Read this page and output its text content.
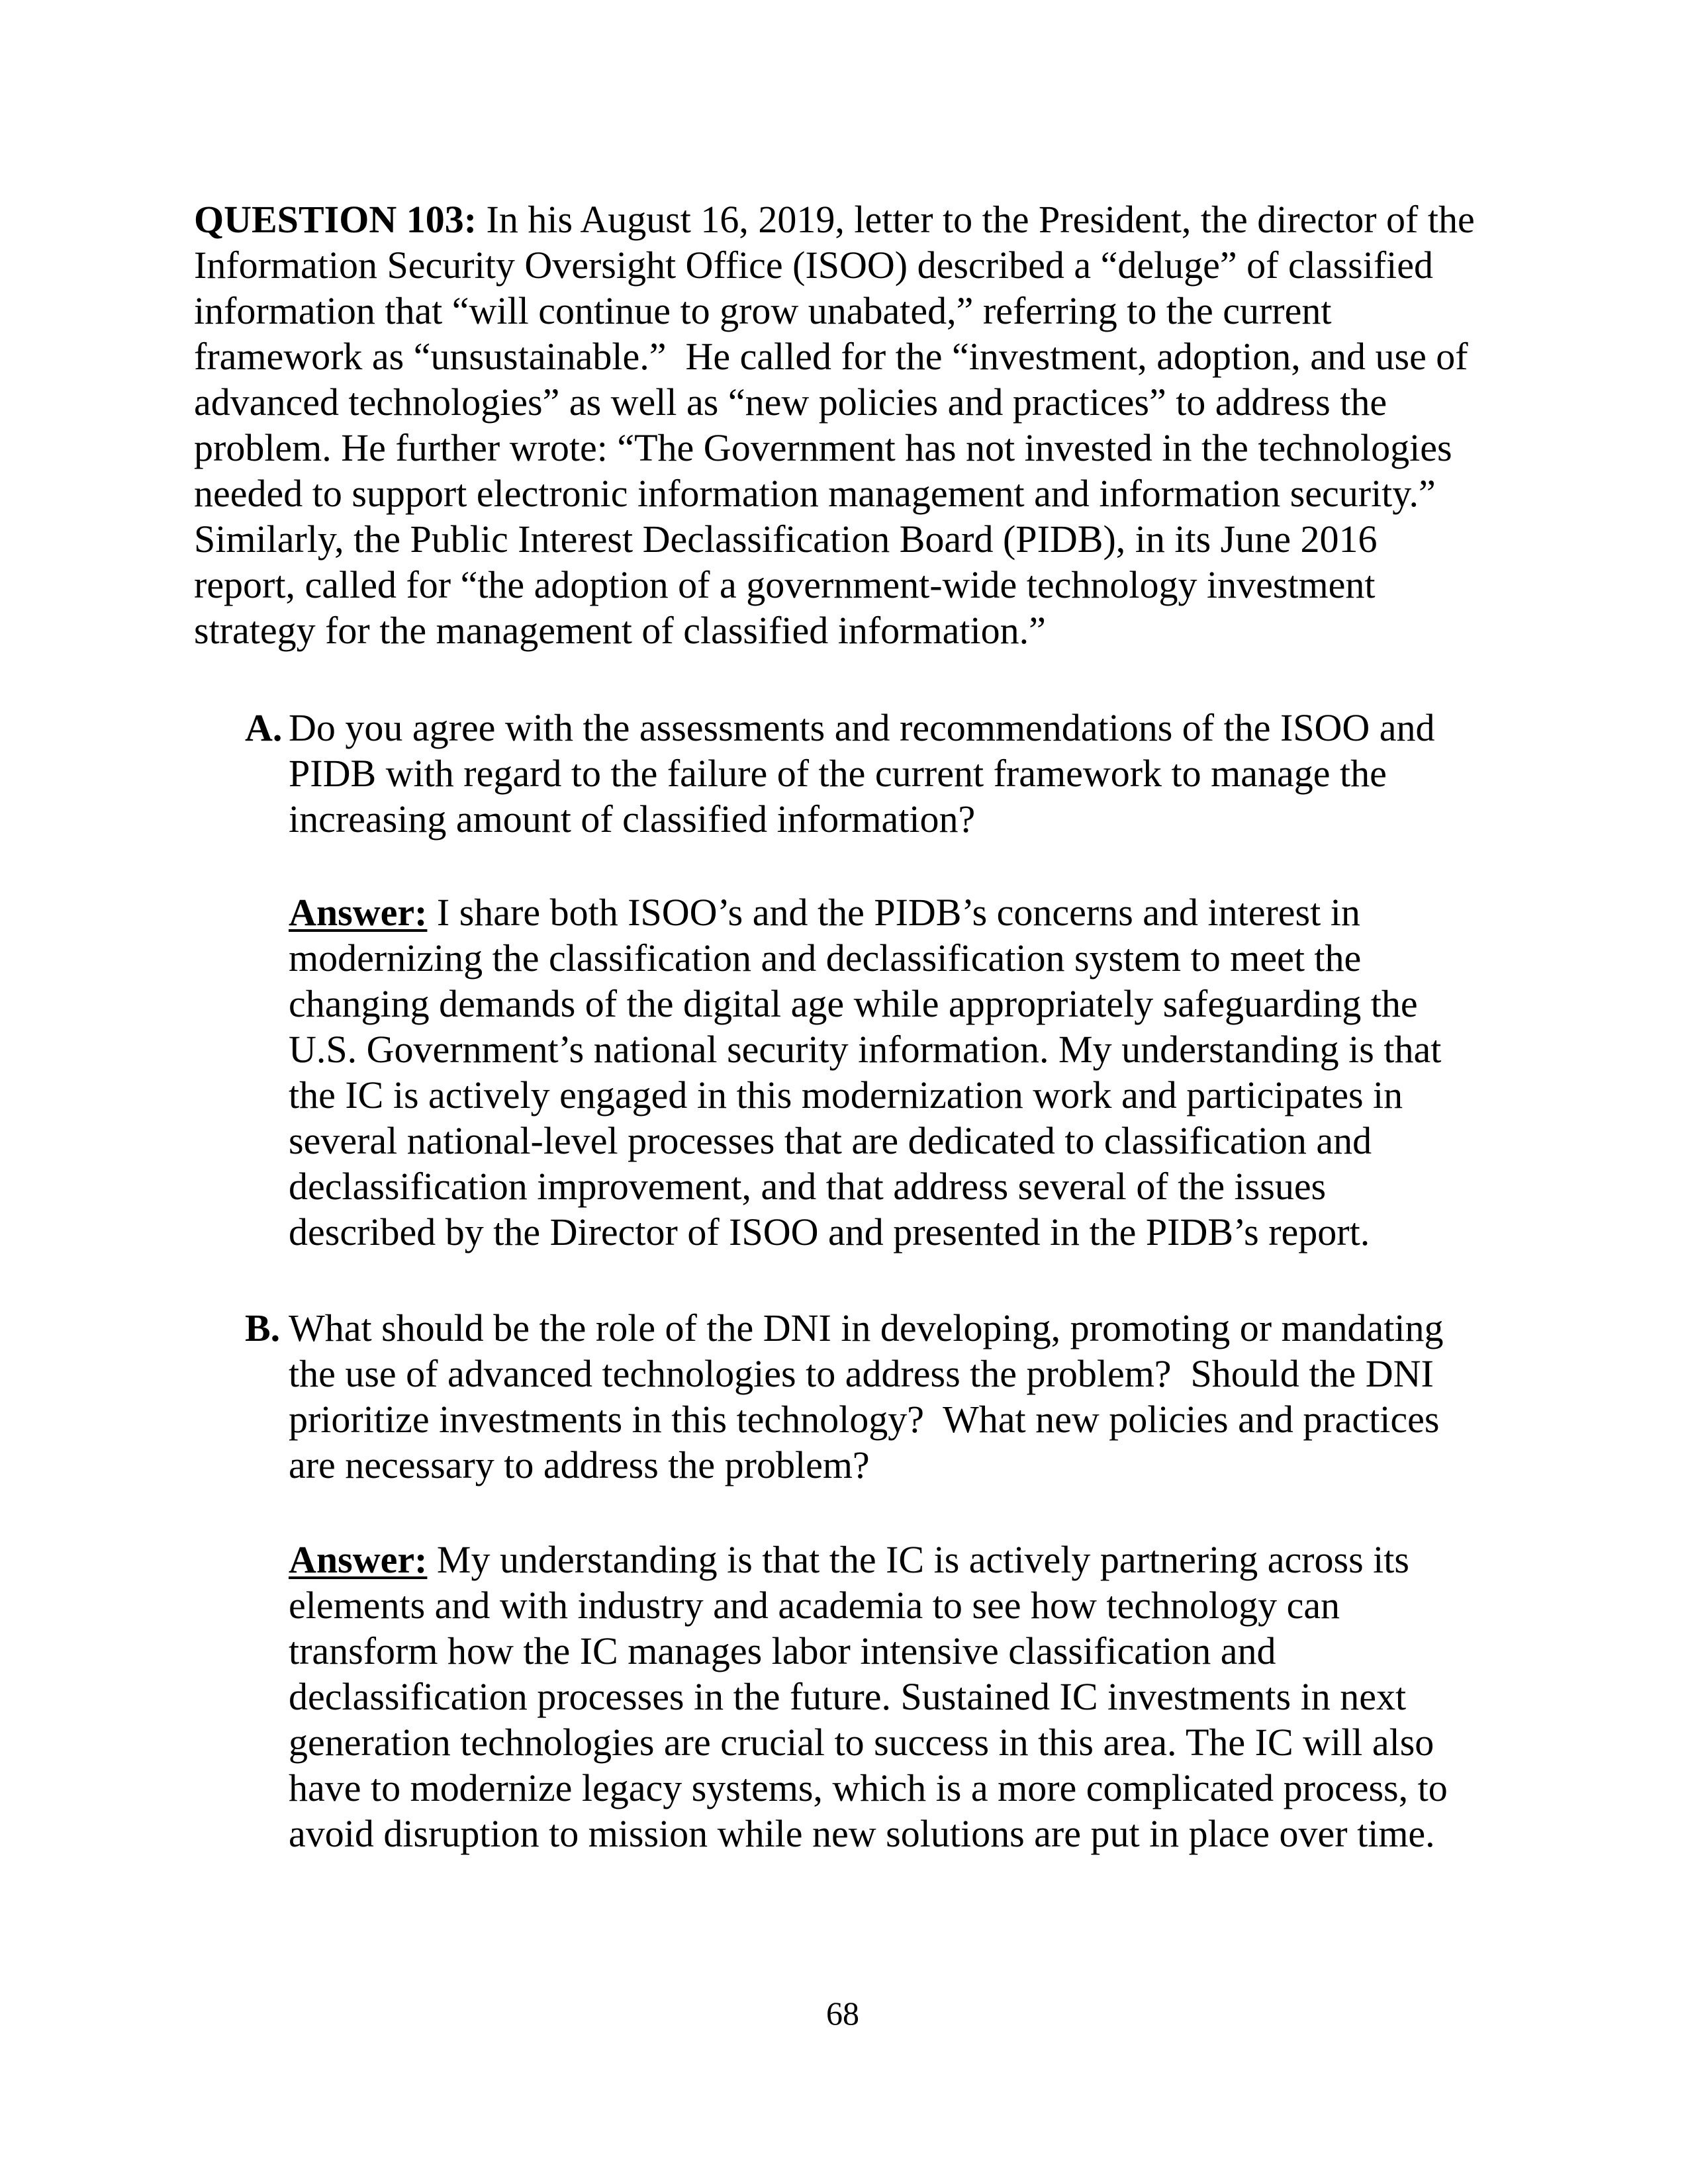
QUESTION 103: In his August 16, 2019, letter to the President, the director of the
Information Security Oversight Office (ISOO) described a “deluge” of classified
information that “will continue to grow unabated,” referring to the current
framework as “unsustainable.”  He called for the “investment, adoption, and use of
advanced technologies” as well as “new policies and practices” to address the
problem. He further wrote: “The Government has not invested in the technologies
needed to support electronic information management and information security.”
Similarly, the Public Interest Declassification Board (PIDB), in its June 2016
report, called for “the adoption of a government-wide technology investment
strategy for the management of classified information.”
A. Do you agree with the assessments and recommendations of the ISOO and
PIDB with regard to the failure of the current framework to manage the
increasing amount of classified information?
Answer: I share both ISOO’s and the PIDB’s concerns and interest in
modernizing the classification and declassification system to meet the
changing demands of the digital age while appropriately safeguarding the
U.S. Government’s national security information. My understanding is that
the IC is actively engaged in this modernization work and participates in
several national-level processes that are dedicated to classification and
declassification improvement, and that address several of the issues
described by the Director of ISOO and presented in the PIDB’s report.
B. What should be the role of the DNI in developing, promoting or mandating
the use of advanced technologies to address the problem?  Should the DNI
prioritize investments in this technology?  What new policies and practices
are necessary to address the problem?
Answer: My understanding is that the IC is actively partnering across its
elements and with industry and academia to see how technology can
transform how the IC manages labor intensive classification and
declassification processes in the future. Sustained IC investments in next
generation technologies are crucial to success in this area. The IC will also
have to modernize legacy systems, which is a more complicated process, to
avoid disruption to mission while new solutions are put in place over time.
68
